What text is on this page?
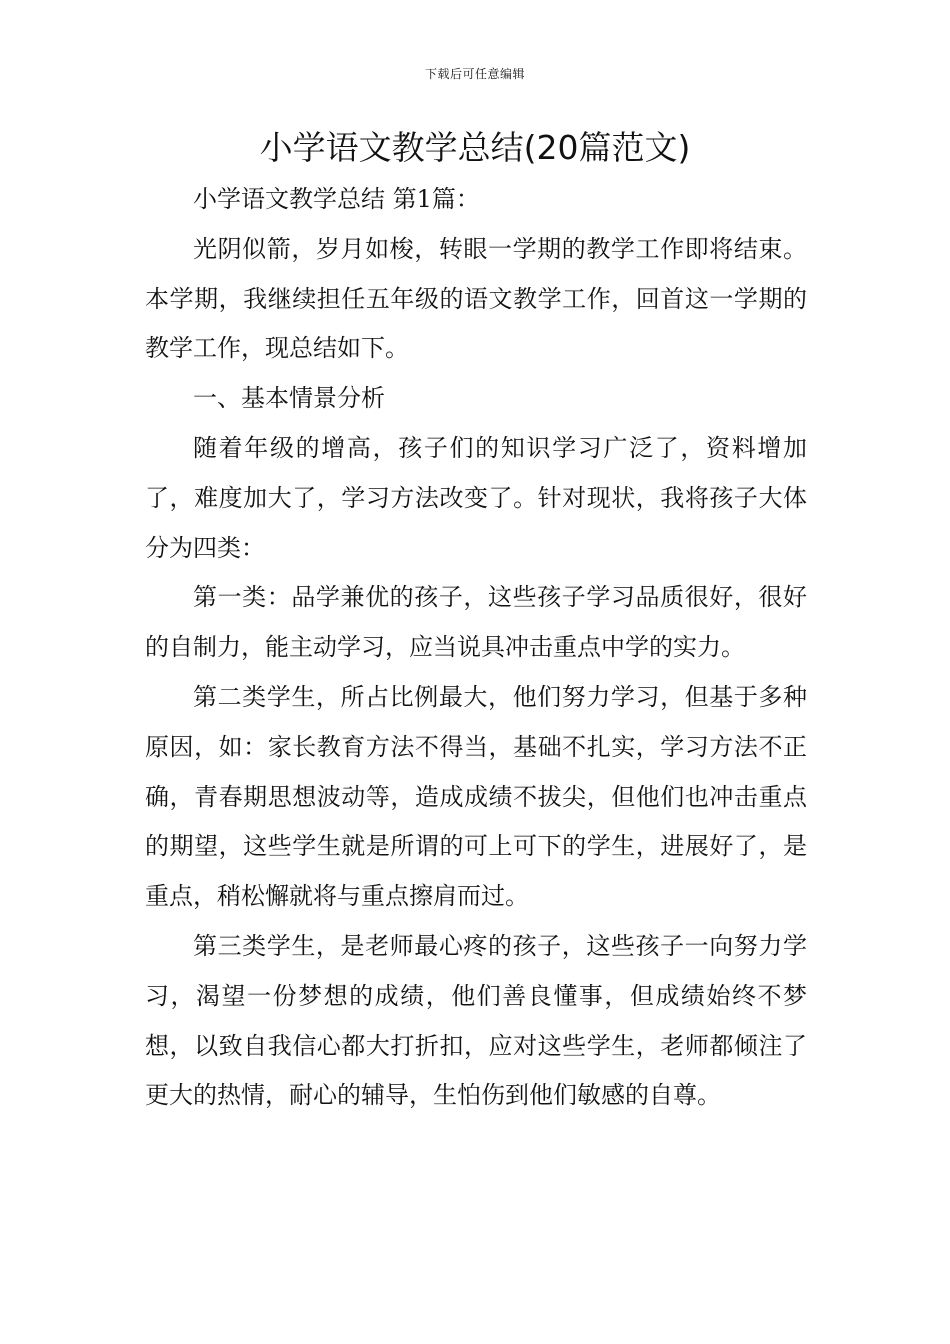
下载后可任意编辑
小学语文教学总结(20篇范文)

小学语文教学总结 第1篇：

光阴似箭，岁月如梭，转眼一学期的教学工作即将结束。本学期，我继续担任五年级的语文教学工作，回首这一学期的教学工作，现总结如下。

一、基本情景分析

随着年级的增高，孩子们的知识学习广泛了，资料增加了，难度加大了，学习方法改变了。针对现状，我将孩子大体分为四类：

第一类：品学兼优的孩子，这些孩子学习品质很好，很好的自制力，能主动学习，应当说具冲击重点中学的实力。

第二类学生，所占比例最大，他们努力学习，但基于多种原因，如：家长教育方法不得当，基础不扎实，学习方法不正确，青春期思想波动等，造成成绩不拔尖，但他们也冲击重点的期望，这些学生就是所谓的可上可下的学生，进展好了，是重点，稍松懈就将与重点擦肩而过。

第三类学生，是老师最心疼的孩子，这些孩子一向努力学习，渴望一份梦想的成绩，他们善良懂事，但成绩始终不梦想，以致自我信心都大打折扣，应对这些学生，老师都倾注了更大的热情，耐心的辅导，生怕伤到他们敏感的自尊。
